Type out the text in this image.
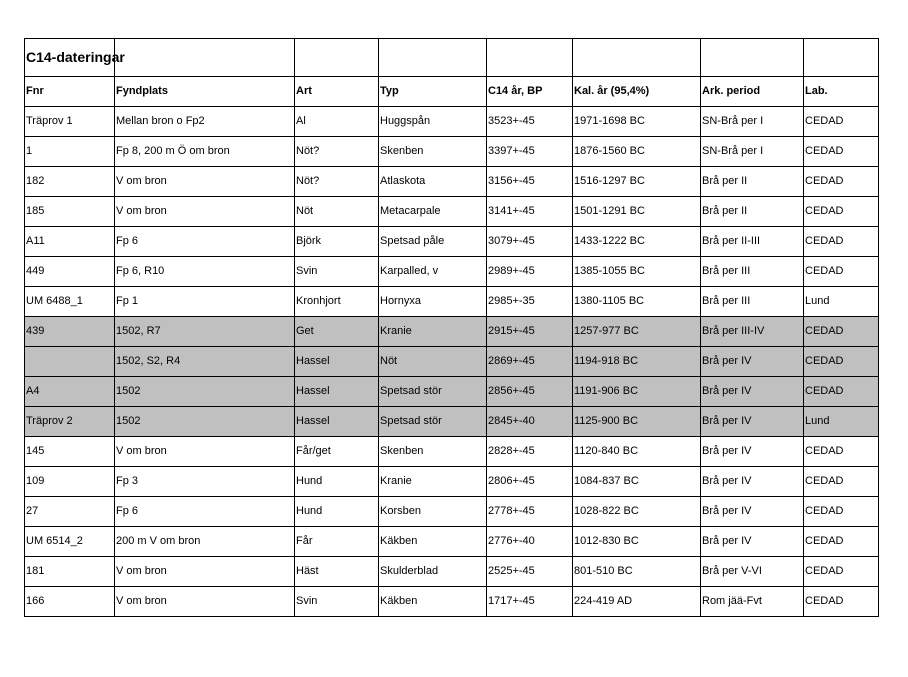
C14-dateringar							
Fnr	Fyndplats	Art	Typ	C14 år, BP	Kal. år (95,4%)	Ark. period	Lab.
Träprov 1	Mellan bron o Fp2	Al	Huggspån	3523+-45	1971-1698 BC	SN-Brå per I	CEDAD
1	Fp 8, 200 m Ö om bron	Nöt?	Skenben	3397+-45	1876-1560 BC	SN-Brå per I	CEDAD
182	V om bron	Nöt?	Atlaskota	3156+-45	1516-1297 BC	Brå per II	CEDAD
185	V om bron	Nöt	Metacarpale	3141+-45	1501-1291 BC	Brå per II	CEDAD
A11	Fp 6	Björk	Spetsad påle	3079+-45	1433-1222 BC	Brå per II-III	CEDAD
449	Fp 6, R10	Svin	Karpalled, v	2989+-45	1385-1055 BC	Brå per III	CEDAD
UM 6488_1	Fp 1	Kronhjort	Hornyxa	2985+-35	1380-1105 BC	Brå per III	Lund
439	1502, R7	Get	Kranie	2915+-45	1257-977 BC	Brå per III-IV	CEDAD
	1502, S2, R4	Hassel	Nöt	2869+-45	1194-918 BC	Brå per IV	CEDAD
A4	1502	Hassel	Spetsad stör	2856+-45	1191-906 BC	Brå per IV	CEDAD
Träprov 2	1502	Hassel	Spetsad stör	2845+-40	1125-900 BC	Brå per IV	Lund
145	V om bron	Får/get	Skenben	2828+-45	1120-840 BC	Brå per IV	CEDAD
109	Fp 3	Hund	Kranie	2806+-45	1084-837 BC	Brå per IV	CEDAD
27	Fp 6	Hund	Korsben	2778+-45	1028-822 BC	Brå per IV	CEDAD
UM 6514_2	200 m V om bron	Får	Käkben	2776+-40	1012-830 BC	Brå per IV	CEDAD
181	V om bron	Häst	Skulderblad	2525+-45	801-510 BC	Brå per V-VI	CEDAD
166	V om bron	Svin	Käkben	1717+-45	224-419 AD	Rom jää-Fvt	CEDAD
